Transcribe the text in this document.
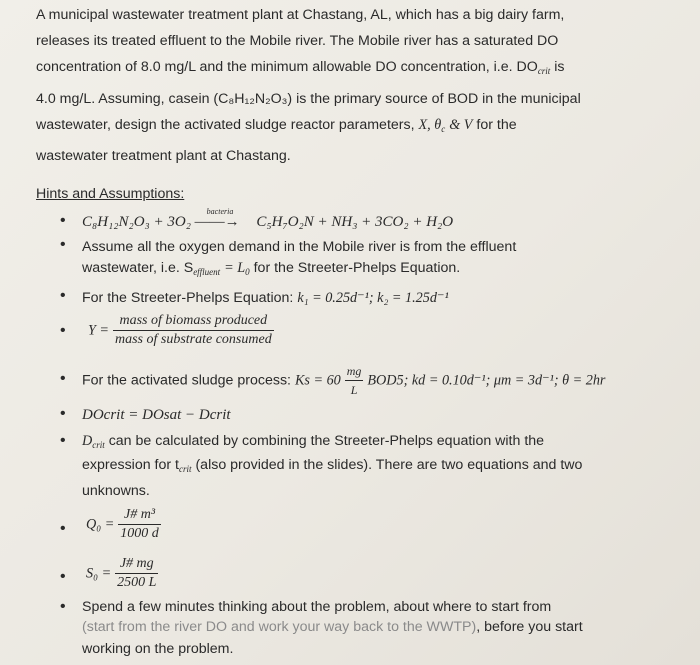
A municipal wastewater treatment plant at Chastang, AL, which has a big dairy farm,
releases its treated effluent to the Mobile river. The Mobile river has a saturated DO
concentration of 8.0 mg/L and the minimum allowable DO concentration, i.e. $DO_{crit}$ is
4.0 mg/L. Assuming, casein (C₈H₁₂N₂O₃) is the primary source of BOD in the municipal
wastewater, design the activated sludge reactor parameters, X, $\theta_c$ & V for the
wastewater treatment plant at Chastang.
Hints and Assumptions:
• C₈H₁₂N₂O₃ + 3O₂
bacteria
——→ C₅H₇O₂N + NH₃ + 3CO₂ + H₂O
• Assume all the oxygen demand in the Mobile river is from the effluent
wastewater, i.e. $S_{effluent} = L_0$ for the Streeter-Phelps Equation.
• For the Streeter-Phelps Equation: k₁ = 0.25d⁻¹; k₂ = 1.25d⁻¹
• $Y = \frac{\text{mass of biomass produced}}{\text{mass of substrate consumed}}$
• For the activated sludge process: $Ks = 60 \frac{mg}{L} BOD5$; kd = 0.10d⁻¹; μm = 3d⁻¹; θ = 2hr
• DOcrit = DOsat − Dcrit
• $D_{crit}$ can be calculated by combining the Streeter-Phelps equation with the
expression for $t_{crit}$ (also provided in the slides). There are two equations and two
unknowns.
• $Q_0 = \frac{\text{J\# m³}}{1000 d}$
• $S_0 = \frac{J\# mg}{2500 L}$
• Spend a few minutes thinking about the problem, about where to start from
(start from the river DO and work your way back to the WWTP), before you start
working on the problem.
